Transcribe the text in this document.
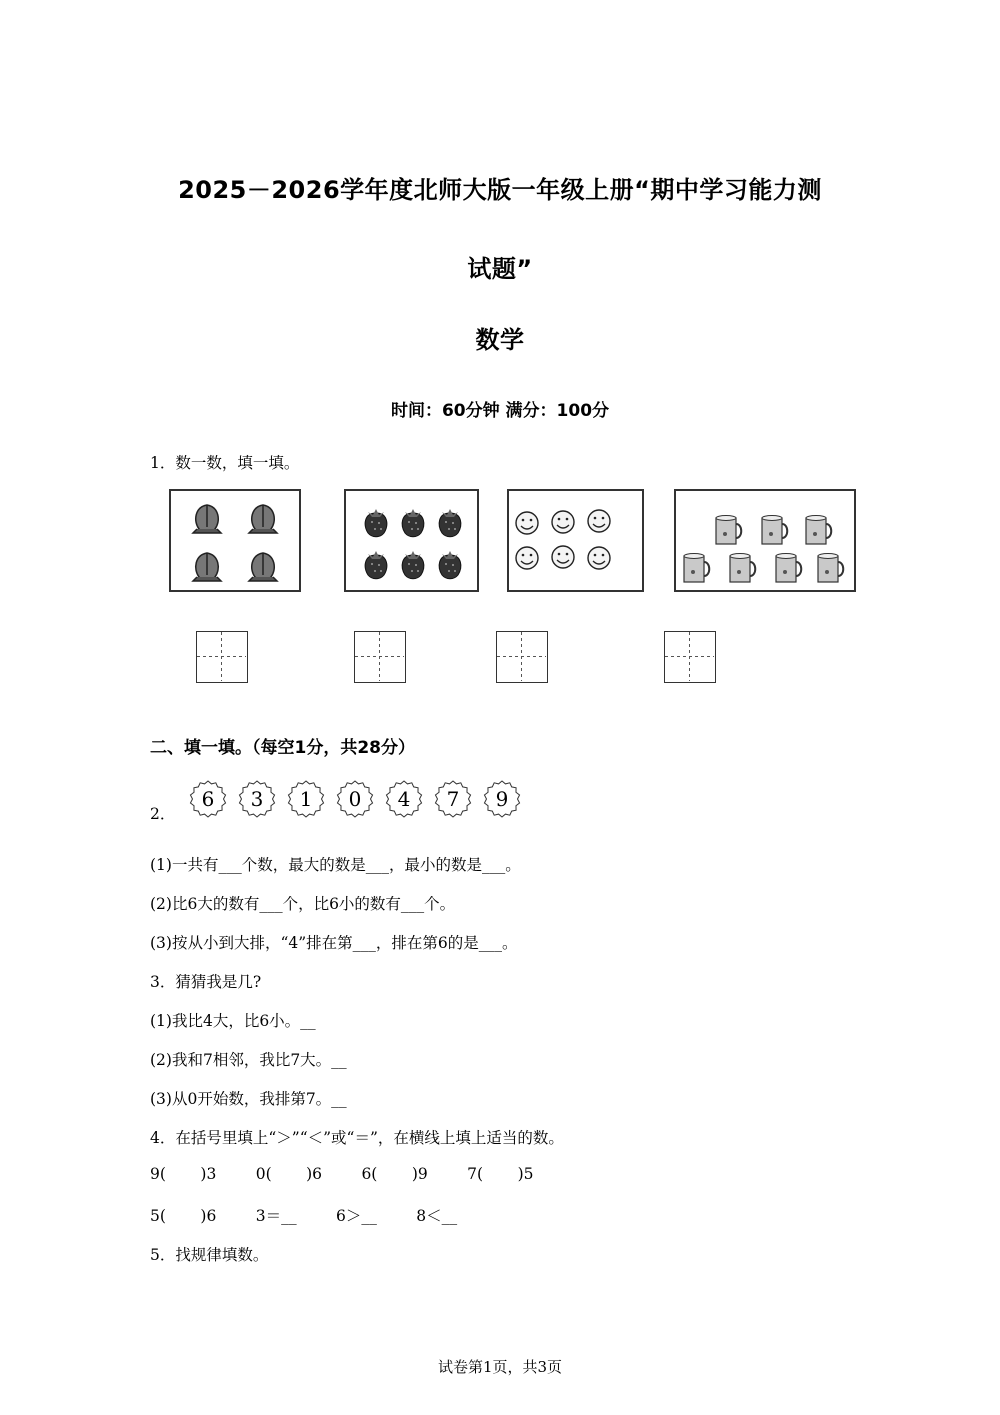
2025－2026学年度北师大版一年级上册“期中学习能力测
试题”
数学
时间：60分钟 满分：100分
1．数一数，填一填。
二、填一填。（每空1分，共28分）
2．
6	3	1	0	4	7	9
(1)一共有___个数，最大的数是___，最小的数是___。
(2)比6大的数有___个，比6小的数有___个。
(3)按从小到大排，“4”排在第___，排在第6的是___。
3．猜猜我是几?
(1)我比4大，比6小。__
(2)我和7相邻，我比7大。__
(3)从0开始数，我排第7。__
4．在括号里填上“＞”“＜”或“＝”，在横线上填上适当的数。
9(       )3        0(       )6        6(       )9        7(       )5
5(       )6        3＝__        6＞__        8＜__
5．找规律填数。
试卷第1页，共3页
